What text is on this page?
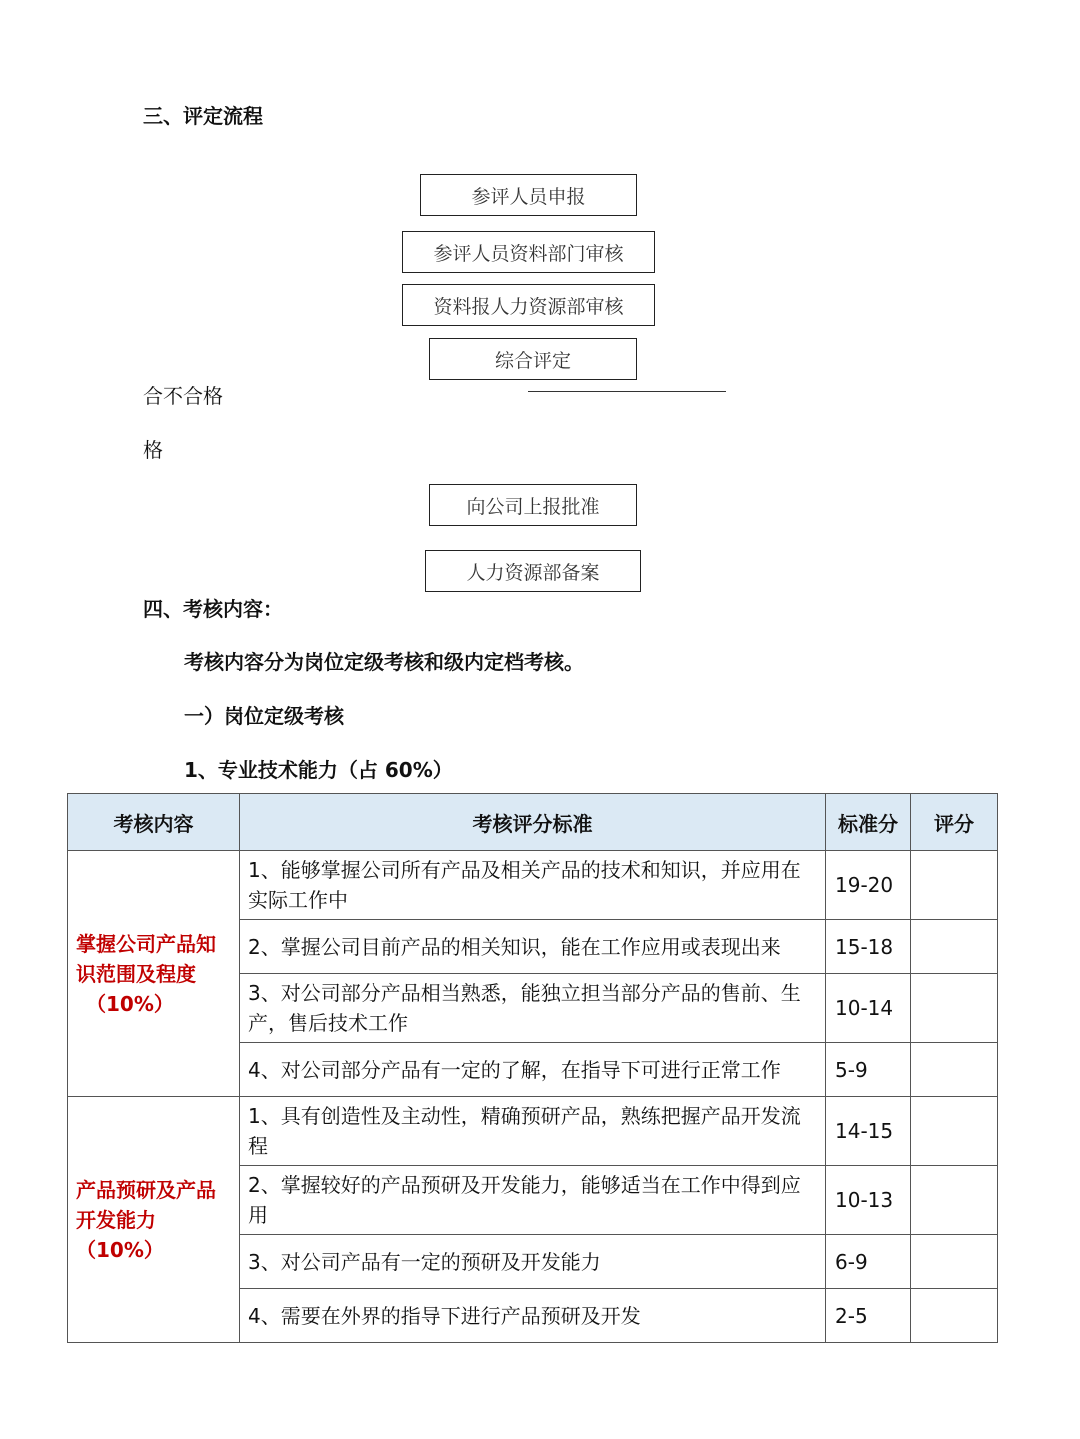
三、评定流程
参评人员申报
参评人员资料部门审核
资料报人力资源部审核
综合评定
合不合格
格
向公司上报批准
人力资源部备案
四、考核内容：
考核内容分为岗位定级考核和级内定档考核。
一）岗位定级考核
1、专业技术能力（占 60%）
考核内容	考核评分标准	标准分	评分

掌握公司产品知识范围及程度
（10%）	1、能够掌握公司所有产品及相关产品的技术和知识，并应用在实际工作中	19-20	
	2、掌握公司目前产品的相关知识，能在工作应用或表现出来	15-18	
	3、对公司部分产品相当熟悉，能独立担当部分产品的售前、生产，售后技术工作	10-14	
	4、对公司部分产品有一定的了解，在指导下可进行正常工作	5-9	

产品预研及产品开发能力（10%）	1、具有创造性及主动性，精确预研产品，熟练把握产品开发流程	14-15	
	2、掌握较好的产品预研及开发能力，能够适当在工作中得到应用	10-13	
	3、对公司产品有一定的预研及开发能力	6-9	
	4、需要在外界的指导下进行产品预研及开发	2-5	
